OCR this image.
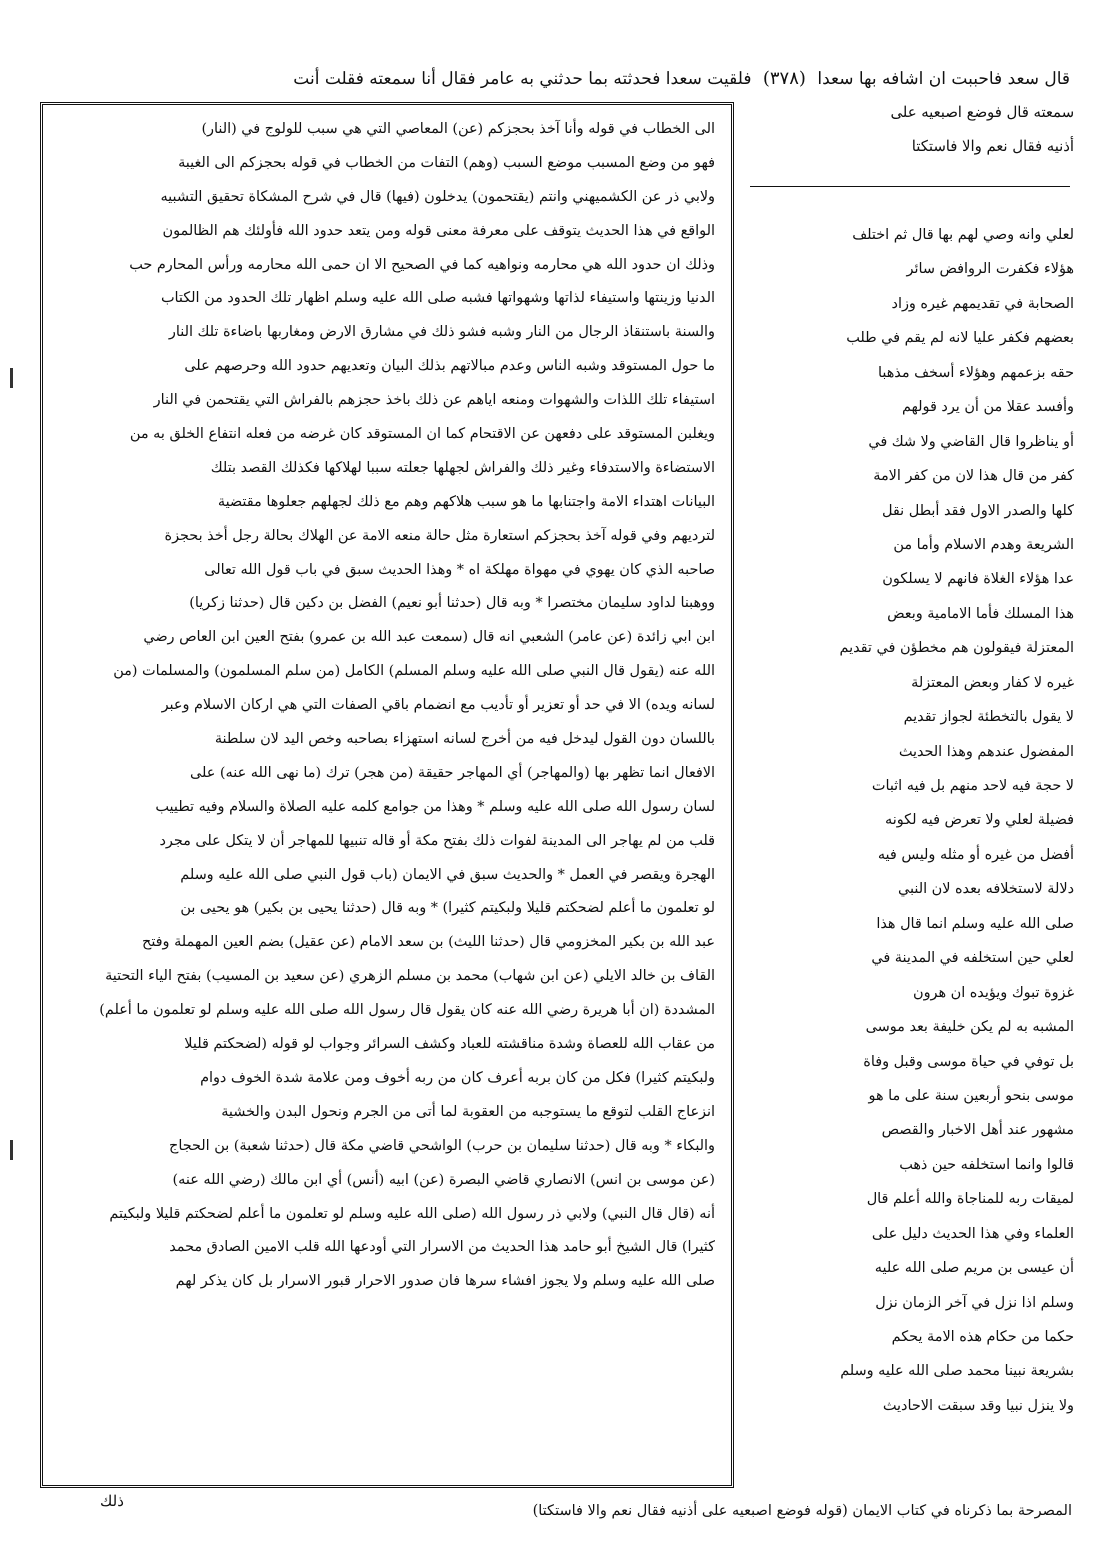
قال سعد فاحببت ان اشافه بها سعدا (٣٧٨) فلقيت سعدا فحدثته بما حدثني به عامر فقال أنا سمعته فقلت أنت
سمعته قال فوضع اصبعيه على
أذنيه فقال نعم والا فاستكتا
الى الخطاب في قوله وأنا آخذ بحجزكم (عن) المعاصي التي هي سبب للولوج في (النار)
فهو من وضع المسبب موضع السبب (وهم) التفات من الخطاب في قوله بحجزكم الى الغيبة
ولابي ذر عن الكشميهني وانتم (يقتحمون) يدخلون (فيها) قال في شرح المشكاة تحقيق التشبيه
الواقع في هذا الحديث يتوقف على معرفة معنى قوله ومن يتعد حدود الله فأولئك هم الظالمون
وذلك ان حدود الله هي محارمه ونواهيه كما في الصحيح الا ان حمى الله محارمه ورأس المحارم حب
الدنيا وزينتها واستيفاء لذاتها وشهواتها فشبه صلى الله عليه وسلم اظهار تلك الحدود من الكتاب
والسنة باستنقاذ الرجال من النار وشبه فشو ذلك في مشارق الارض ومغاربها باضاءة تلك النار
ما حول المستوقد وشبه الناس وعدم مبالاتهم بذلك البيان وتعديهم حدود الله وحرصهم على
استيفاء تلك اللذات والشهوات ومنعه اياهم عن ذلك باخذ حجزهم بالفراش التي يقتحمن في النار
ويغلبن المستوقد على دفعهن عن الاقتحام كما ان المستوقد كان غرضه من فعله انتفاع الخلق به من
الاستضاءة والاستدفاء وغير ذلك والفراش لجهلها جعلته سببا لهلاكها فكذلك القصد بتلك
البيانات اهتداء الامة واجتنابها ما هو سبب هلاكهم وهم مع ذلك لجهلهم جعلوها مقتضية
لترديهم وفي قوله آخذ بحجزكم استعارة مثل حالة منعه الامة عن الهلاك بحالة رجل أخذ بحجزة
صاحبه الذي كان يهوي في مهواة مهلكة اه * وهذا الحديث سبق في باب قول الله تعالى
ووهبنا لداود سليمان مختصرا * وبه قال (حدثنا أبو نعيم) الفضل بن دكين قال (حدثنا زكريا)
ابن ابي زائدة (عن عامر) الشعبي انه قال (سمعت عبد الله بن عمرو) بفتح العين ابن العاص رضي
الله عنه (يقول قال النبي صلى الله عليه وسلم المسلم) الكامل (من سلم المسلمون) والمسلمات (من
لسانه ويده) الا في حد أو تعزير أو تأديب مع انضمام باقي الصفات التي هي اركان الاسلام وعبر
باللسان دون القول ليدخل فيه من أخرج لسانه استهزاء بصاحبه وخص اليد لان سلطنة
الافعال انما تظهر بها (والمهاجر) أي المهاجر حقيقة (من هجر) ترك (ما نهى الله عنه) على
لسان رسول الله صلى الله عليه وسلم * وهذا من جوامع كلمه عليه الصلاة والسلام وفيه تطييب
قلب من لم يهاجر الى المدينة لفوات ذلك بفتح مكة أو قاله تنبيها للمهاجر أن لا يتكل على مجرد
الهجرة ويقصر في العمل * والحديث سبق في الايمان (باب قول النبي صلى الله عليه وسلم
لو تعلمون ما أعلم لضحكتم قليلا ولبكيتم كثيرا) * وبه قال (حدثنا يحيى بن بكير) هو يحيى بن
عبد الله بن بكير المخزومي قال (حدثنا الليث) بن سعد الامام (عن عقيل) بضم العين المهملة وفتح
القاف بن خالد الايلي (عن ابن شهاب) محمد بن مسلم الزهري (عن سعيد بن المسيب) بفتح الياء التحتية
المشددة (ان أبا هريرة رضي الله عنه كان يقول قال رسول الله صلى الله عليه وسلم لو تعلمون ما أعلم)
من عقاب الله للعصاة وشدة مناقشته للعباد وكشف السرائر وجواب لو قوله (لضحكتم قليلا
ولبكيتم كثيرا) فكل من كان بربه أعرف كان من ربه أخوف ومن علامة شدة الخوف دوام
انزعاج القلب لتوقع ما يستوجبه من العقوبة لما أتى من الجرم ونحول البدن والخشية
والبكاء * وبه قال (حدثنا سليمان بن حرب) الواشحي قاضي مكة قال (حدثنا شعبة) بن الحجاج
(عن موسى بن انس) الانصاري قاضي البصرة (عن) ابيه (أنس) أي ابن مالك (رضي الله عنه)
أنه (قال قال النبي) ولابي ذر رسول الله (صلى الله عليه وسلم لو تعلمون ما أعلم لضحكتم قليلا ولبكيتم
كثيرا) قال الشيخ أبو حامد هذا الحديث من الاسرار التي أودعها الله قلب الامين الصادق محمد
صلى الله عليه وسلم ولا يجوز افشاء سرها فان صدور الاحرار قبور الاسرار بل كان يذكر لهم
لعلي وانه وصي لهم بها قال ثم اختلف
هؤلاء فكفرت الروافض سائر
الصحابة في تقديمهم غيره وزاد
بعضهم فكفر عليا لانه لم يقم في طلب
حقه بزعمهم وهؤلاء أسخف مذهبا
وأفسد عقلا من أن يرد قولهم
أو يناظروا قال القاضي ولا شك في
كفر من قال هذا لان من كفر الامة
كلها والصدر الاول فقد أبطل نقل
الشريعة وهدم الاسلام وأما من
عدا هؤلاء الغلاة فانهم لا يسلكون
هذا المسلك فأما الامامية وبعض
المعتزلة فيقولون هم مخطؤن في تقديم
غيره لا كفار وبعض المعتزلة
لا يقول بالتخطئة لجواز تقديم
المفضول عندهم وهذا الحديث
لا حجة فيه لاحد منهم بل فيه اثبات
فضيلة لعلي ولا تعرض فيه لكونه
أفضل من غيره أو مثله وليس فيه
دلالة لاستخلافه بعده لان النبي
صلى الله عليه وسلم انما قال هذا
لعلي حين استخلفه في المدينة في
غزوة تبوك ويؤيده ان هرون
المشبه به لم يكن خليفة بعد موسى
بل توفي في حياة موسى وقبل وفاة
موسى بنحو أربعين سنة على ما هو
مشهور عند أهل الاخبار والقصص
قالوا وانما استخلفه حين ذهب
لميقات ربه للمناجاة والله أعلم قال
العلماء وفي هذا الحديث دليل على
أن عيسى بن مريم صلى الله عليه
وسلم اذا نزل في آخر الزمان نزل
حكما من حكام هذه الامة يحكم
بشريعة نبينا محمد صلى الله عليه وسلم
ولا ينزل نبيا وقد سبقت الاحاديث
المصرحة بما ذكرناه في كتاب الايمان (قوله فوضع اصبعيه على أذنيه فقال نعم والا فاستكتا)
ذلك
